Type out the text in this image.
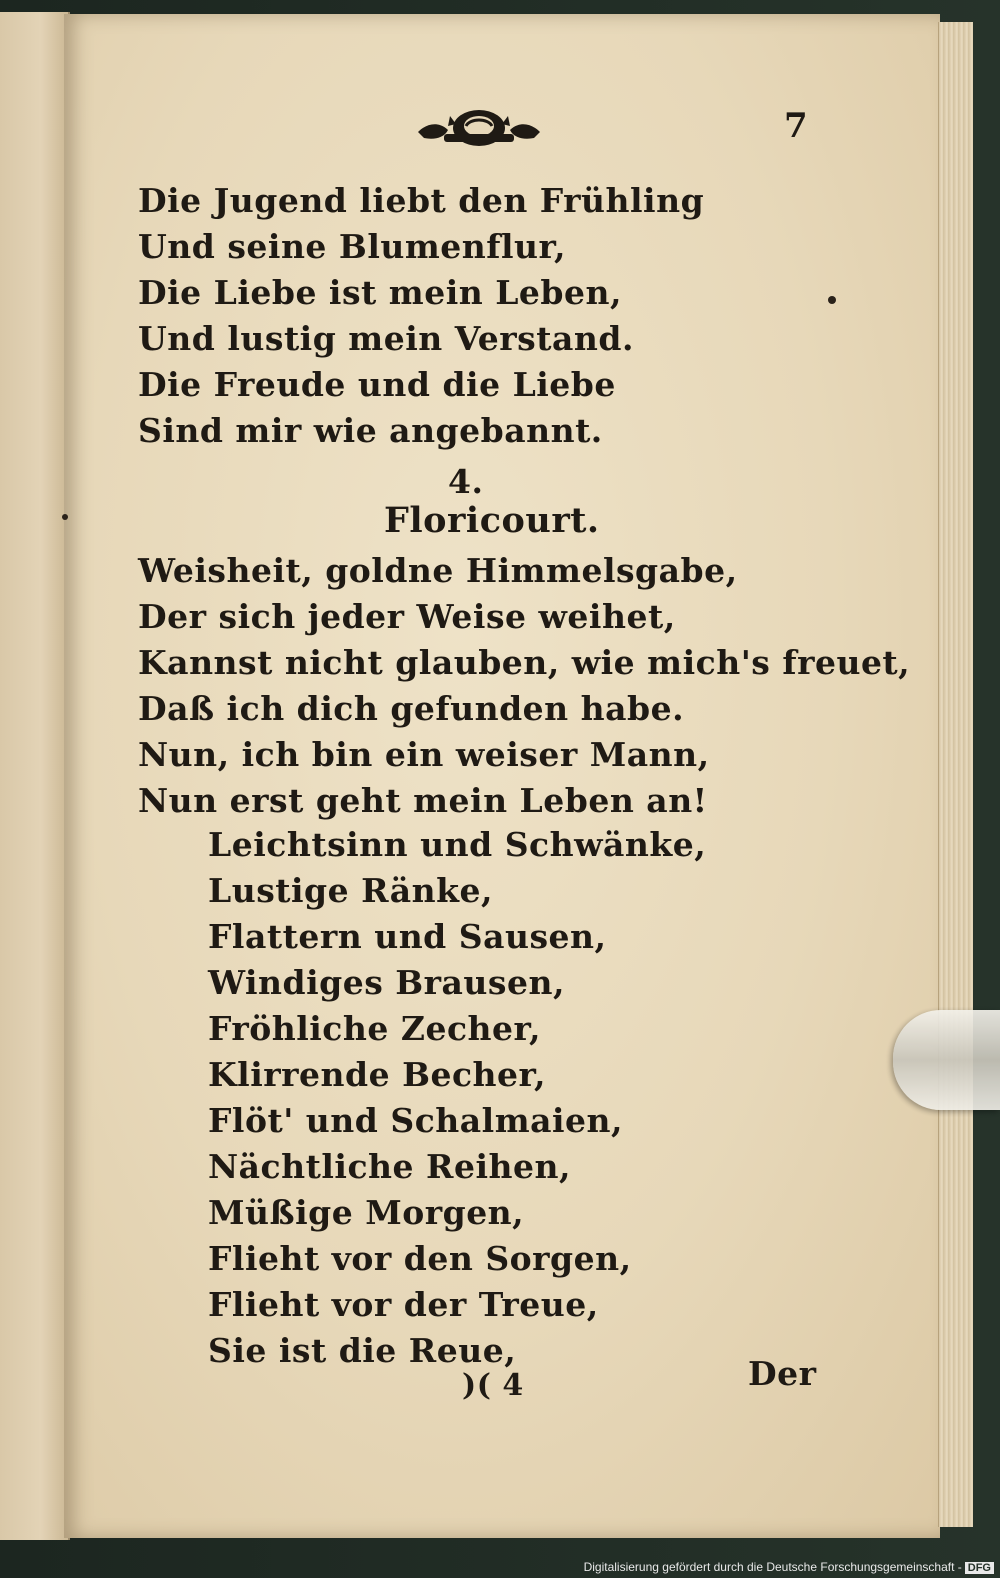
7
Die Jugend liebt den Frühling
Und seine Blumenflur,
Die Liebe ist mein Leben,
Und lustig mein Verstand.
Die Freude und die Liebe
Sind mir wie angebannt.
4.
Floricourt.
Weisheit, goldne Himmelsgabe,
Der sich jeder Weise weihet,
Kannst nicht glauben, wie mich's freuet,
Daß ich dich gefunden habe.
Nun, ich bin ein weiser Mann,
Nun erst geht mein Leben an!
Leichtsinn und Schwänke,
Lustige Ränke,
Flattern und Sausen,
Windiges Brausen,
Fröhliche Zecher,
Klirrende Becher,
Flöt' und Schalmaien,
Nächtliche Reihen,
Müßige Morgen,
Flieht vor den Sorgen,
Flieht vor der Treue,
Sie ist die Reue,
)( 4	Der
Digitalisierung gefördert durch die Deutsche Forschungsgemeinschaft - DFG
